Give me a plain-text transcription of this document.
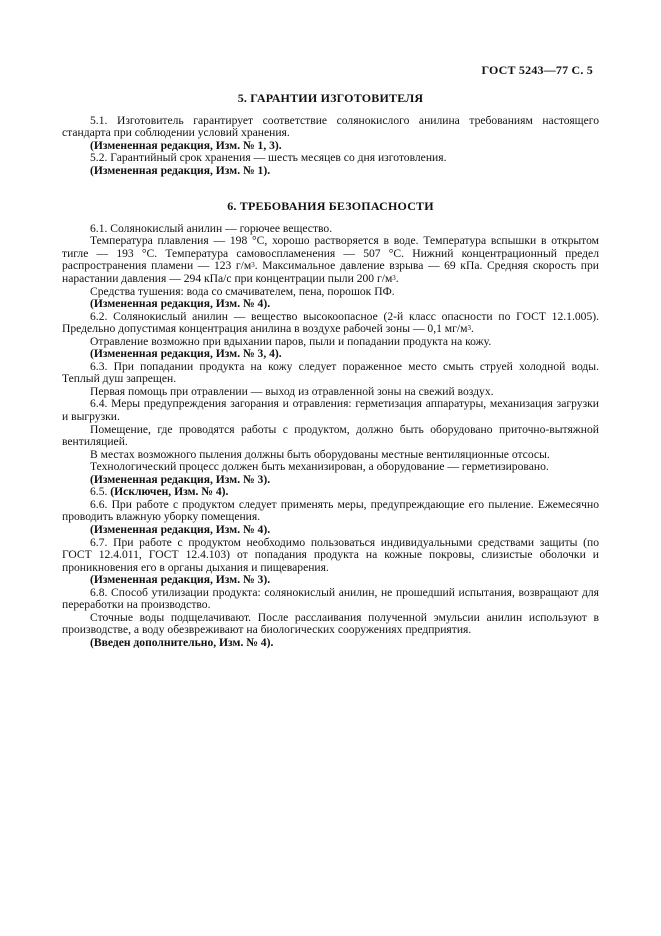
ГОСТ 5243—77 С. 5
5. ГАРАНТИИ ИЗГОТОВИТЕЛЯ

5.1. Изготовитель гарантирует соответствие солянокислого анилина требованиям настоящего стандарта при соблюдении условий хранения.

(Измененная редакция, Изм. № 1, 3).

5.2. Гарантийный срок хранения — шесть месяцев со дня изготовления.

(Измененная редакция, Изм. № 1).

6. ТРЕБОВАНИЯ БЕЗОПАСНОСТИ

6.1. Солянокислый анилин — горючее вещество.

Температура плавления — 198 °С, хорошо растворяется в воде. Температура вспышки в открытом тигле — 193 °С. Температура самовоспламенения — 507 °С. Нижний концентрационный предел распространения пламени — 123 $г/м^3$. Максимальное давление взрыва — 69 кПа. Средняя скорость при нарастании давления — 294 кПа/с при концентрации пыли 200 $г/м^3$.

Средства тушения: вода со смачивателем, пена, порошок ПФ.

(Измененная редакция, Изм. № 4).

6.2. Солянокислый анилин — вещество высокоопасное (2-й класс опасности по ГОСТ 12.1.005). Предельно допустимая концентрация анилина в воздухе рабочей зоны — 0,1 $мг/м^3$.

Отравление возможно при вдыхании паров, пыли и попадании продукта на кожу.

(Измененная редакция, Изм. № 3, 4).

6.3. При попадании продукта на кожу следует пораженное место смыть струей холодной воды. Теплый душ запрещен.

Первая помощь при отравлении — выход из отравленной зоны на свежий воздух.

6.4. Меры предупреждения загорания и отравления: герметизация аппаратуры, механизация загрузки и выгрузки.

Помещение, где проводятся работы с продуктом, должно быть оборудовано приточно-вытяжной вентиляцией.

В местах возможного пыления должны быть оборудованы местные вентиляционные отсосы.

Технологический процесс должен быть механизирован, а оборудование — герметизировано.

(Измененная редакция, Изм. № 3).

6.5. (Исключен, Изм. № 4).

6.6. При работе с продуктом следует применять меры, предупреждающие его пыление. Ежемесячно проводить влажную уборку помещения.

(Измененная редакция, Изм. № 4).

6.7. При работе с продуктом необходимо пользоваться индивидуальными средствами защиты (по ГОСТ 12.4.011, ГОСТ 12.4.103) от попадания продукта на кожные покровы, слизистые оболочки и проникновения его в органы дыхания и пищеварения.

(Измененная редакция, Изм. № 3).

6.8. Способ утилизации продукта: солянокислый анилин, не прошедший испытания, возвращают для переработки на производство.

Сточные воды подщелачивают. После расслаивания полученной эмульсии анилин используют в производстве, а воду обезвреживают на биологических сооружениях предприятия.

(Введен дополнительно, Изм. № 4).
